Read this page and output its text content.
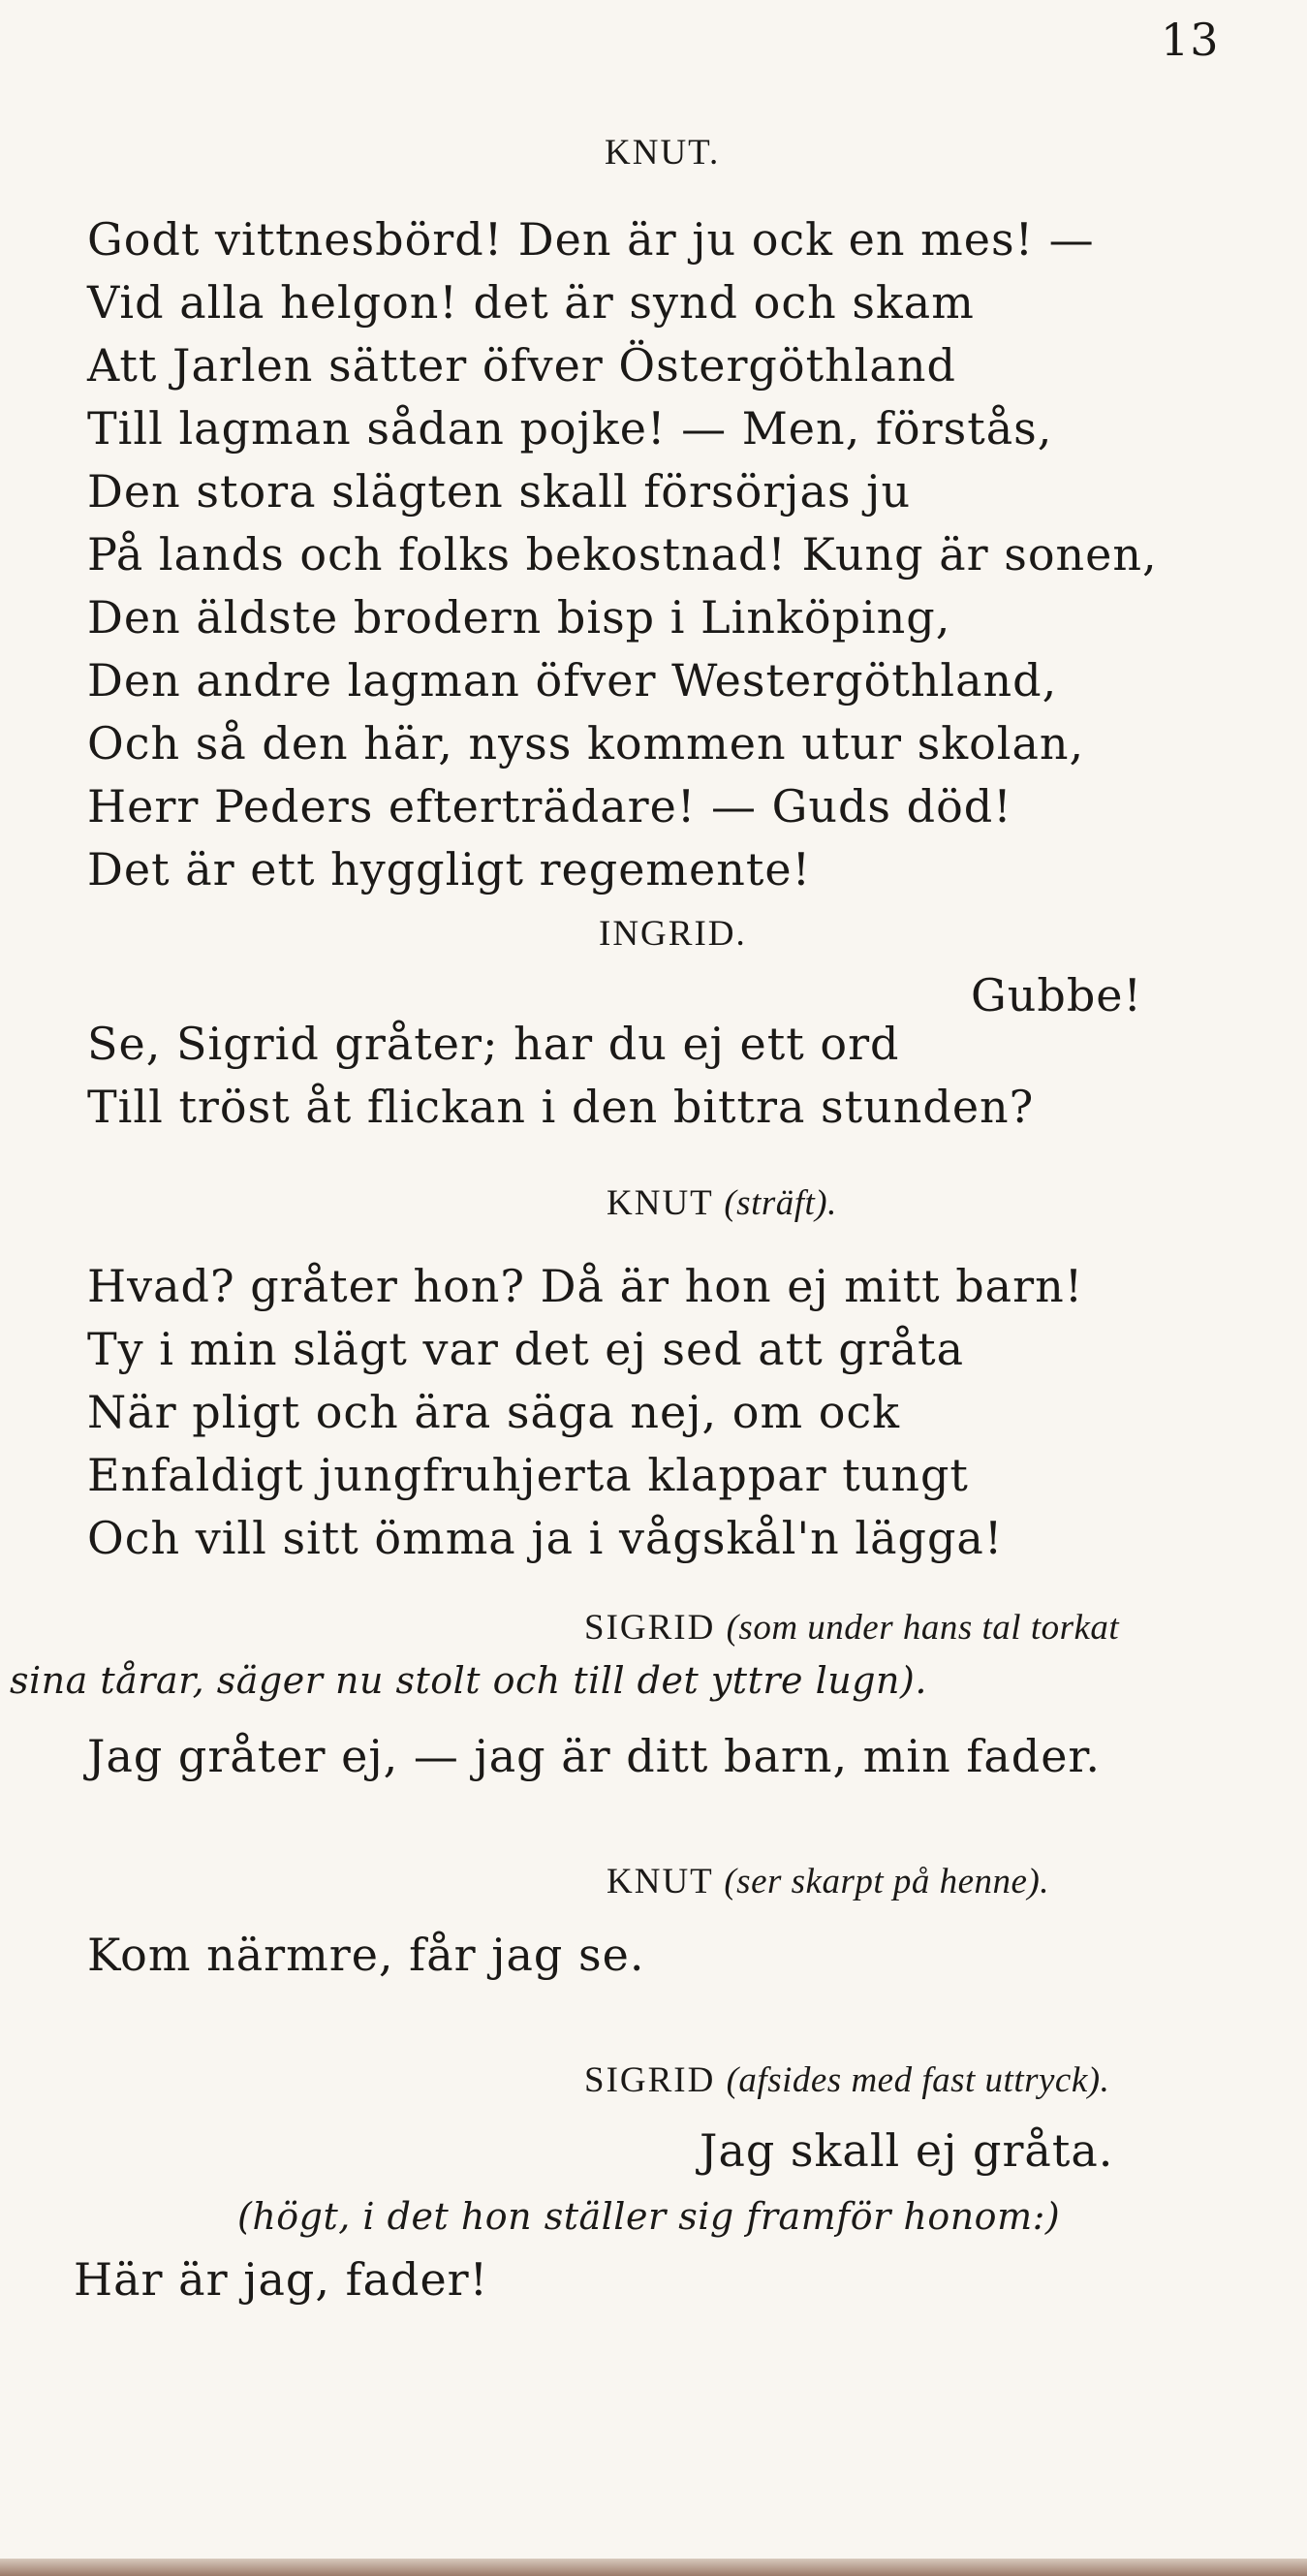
13
KNUT.
Godt vittnesbörd! Den är ju ock en mes! —
Vid alla helgon! det är synd och skam
Att Jarlen sätter öfver Östergöthland
Till lagman sådan pojke! — Men, förstås,
Den stora slägten skall försörjas ju
På lands och folks bekostnad! Kung är sonen,
Den äldste brodern bisp i Linköping,
Den andre lagman öfver Westergöthland,
Och så den här, nyss kommen utur skolan,
Herr Peders efterträdare! — Guds död!
Det är ett hyggligt regemente!
INGRID.
Gubbe!
Se, Sigrid gråter; har du ej ett ord
Till tröst åt flickan i den bittra stunden?
KNUT (sträft).
Hvad? gråter hon? Då är hon ej mitt barn!
Ty i min slägt var det ej sed att gråta
När pligt och ära säga nej, om ock
Enfaldigt jungfruhjerta klappar tungt
Och vill sitt ömma ja i vågskål'n lägga!
SIGRID (som under hans tal torkat
sina tårar, säger nu stolt och till det yttre lugn).
Jag gråter ej, — jag är ditt barn, min fader.
KNUT (ser skarpt på henne).
Kom närmre, får jag se.
SIGRID (afsides med fast uttryck).
Jag skall ej gråta.
(högt, i det hon ställer sig framför honom:)
Här är jag, fader!
